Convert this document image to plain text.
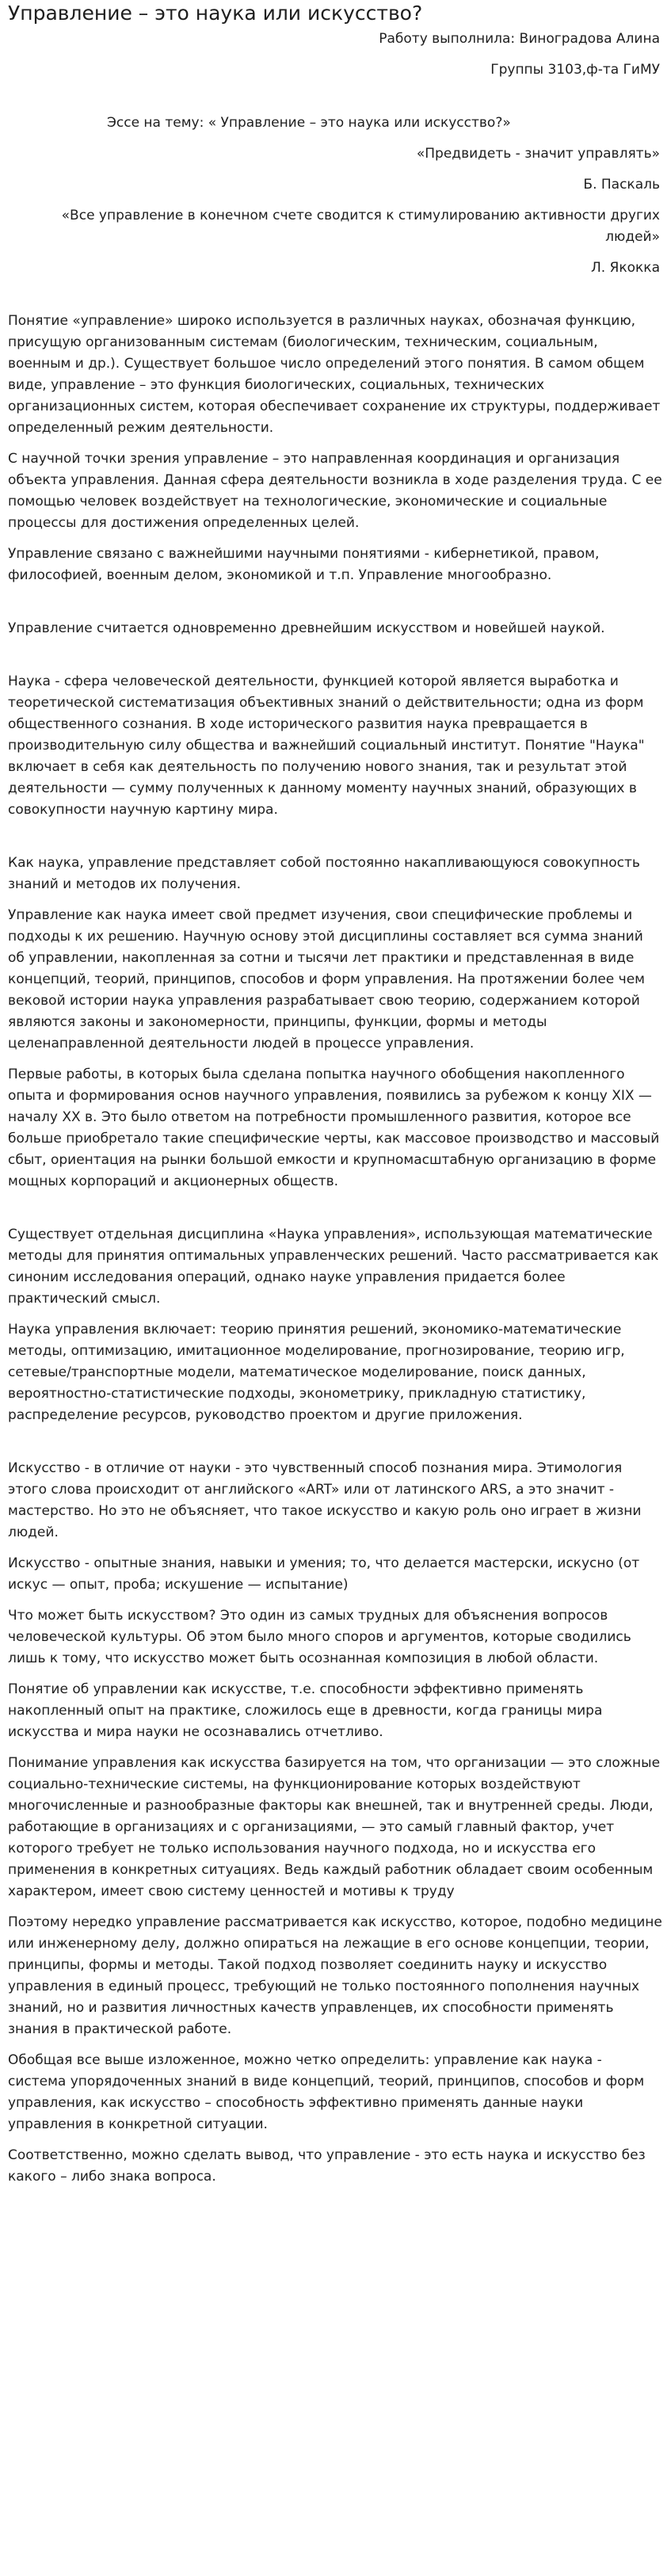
Управление – это наука или искусство?

Работу выполнила: Виноградова Алина

Группы 3103,ф-та ГиМУ

Эссе на тему: « Управление – это наука или искусство?»

«Предвидеть - значит управлять»

Б. Паскаль

«Все управление в конечном счете сводится к стимулированию активности других людей»

Л. Якокка

Понятие «управление» широко используется в различных науках, обозначая функцию, присущую организованным системам (биологическим, техническим, социальным, военным и др.). Существует большое число определений этого понятия. В самом общем виде, управление – это функция биологических, социальных, технических организационных систем, которая обеспечивает сохранение их структуры, поддерживает определенный режим деятельности.

С научной точки зрения управление – это направленная координация и организация объекта управления. Данная сфера деятельности возникла в ходе разделения труда. С ее помощью человек воздействует на технологические, экономические и социальные процессы для достижения определенных целей.

Управление связано с важнейшими научными понятиями - кибернетикой, правом, философией, военным делом, экономикой и т.п. Управление многообразно.

Управление считается одновременно древнейшим искусством и новейшей наукой.

Наука - сфера человеческой деятельности, функцией которой является выработка и теоретической систематизация объективных знаний о действительности; одна из форм общественного сознания. В ходе исторического развития наука превращается в производительную силу общества и важнейший социальный институт. Понятие "Наука" включает в себя как деятельность по получению нового знания, так и результат этой деятельности — сумму полученных к данному моменту научных знаний, образующих в совокупности научную картину мира.

Как наука, управление представляет собой постоянно накапливающуюся совокупность знаний и методов их получения.

Управление как наука имеет свой предмет изучения, свои специфические проблемы и подходы к их решению. Научную основу этой дисциплины составляет вся сумма знаний об управлении, накопленная за сотни и тысячи лет практики и представленная в виде концепций, теорий, принципов, способов и форм управления. На протяжении более чем вековой истории наука управления разрабатывает свою теорию, содержанием которой являются законы и закономерности, принципы, функции, формы и методы целенаправленной деятельности людей в процессе управления.

Первые работы, в которых была сделана попытка научного обобщения накопленного опыта и формирования основ научного управления, появились за рубежом к концу XIX — началу XX в. Это было ответом на потребности промышленного развития, которое все больше приобретало такие специфические черты, как массовое производство и массовый сбыт, ориентация на рынки большой емкости и крупномасштабную организацию в форме мощных корпораций и акционерных обществ.

Существует отдельная дисциплина «Наука управления», использующая математические методы для принятия оптимальных управленческих решений. Часто рассматривается как синоним исследования операций, однако науке управления придается более практический смысл.

Наука управления включает: теорию принятия решений, экономико-математические методы, оптимизацию, имитационное моделирование, прогнозирование, теорию игр, сетевые/транспортные модели, математическое моделирование, поиск данных, вероятностно-статистические подходы, эконометрику, прикладную статистику, распределение ресурсов, руководство проектом и другие приложения.

Искусство - в отличие от науки - это чувственный способ познания мира. Этимология этого слова происходит от английского «ART» или от латинского ARS, а это значит - мастерство. Но это не объясняет, что такое искусство и какую роль оно играет в жизни людей.

Искусство - опытные знания, навыки и умения; то, что делается мастерски, искусно (от искус — опыт, проба; искушение — испытание)

Что может быть искусством? Это один из самых трудных для объяснения вопросов человеческой культуры. Об этом было много споров и аргументов, которые сводились лишь к тому, что искусство может быть осознанная композиция в любой области.

Понятие об управлении как искусстве, т.е. способности эффективно применять накопленный опыт на практике, сложилось еще в древности, когда границы мира искусства и мира науки не осознавались отчетливо.

Понимание управления как искусства базируется на том, что организации — это сложные социально-технические системы, на функционирование которых воздействуют многочисленные и разнообразные факторы как внешней, так и внутренней среды. Люди, работающие в организациях и с организациями, — это самый главный фактор, учет которого требует не только использования научного подхода, но и искусства его применения в конкретных ситуациях. Ведь каждый работник обладает своим особенным характером, имеет свою систему ценностей и мотивы к труду

Поэтому нередко управление рассматривается как искусство, которое, подобно медицине или инженерному делу, должно опираться на лежащие в его основе концепции, теории, принципы, формы и методы. Такой подход позволяет соединить науку и искусство управления в единый процесс, требующий не только постоянного пополнения научных знаний, но и развития личностных качеств управленцев, их способности применять знания в практической работе.

Обобщая все выше изложенное, можно четко определить: управление как наука - система упорядоченных знаний в виде концепций, теорий, принципов, способов и форм управления, как искусство – способность эффективно применять данные науки управления в конкретной ситуации.

Соответственно, можно сделать вывод, что управление - это есть наука и искусство без какого – либо знака вопроса.
